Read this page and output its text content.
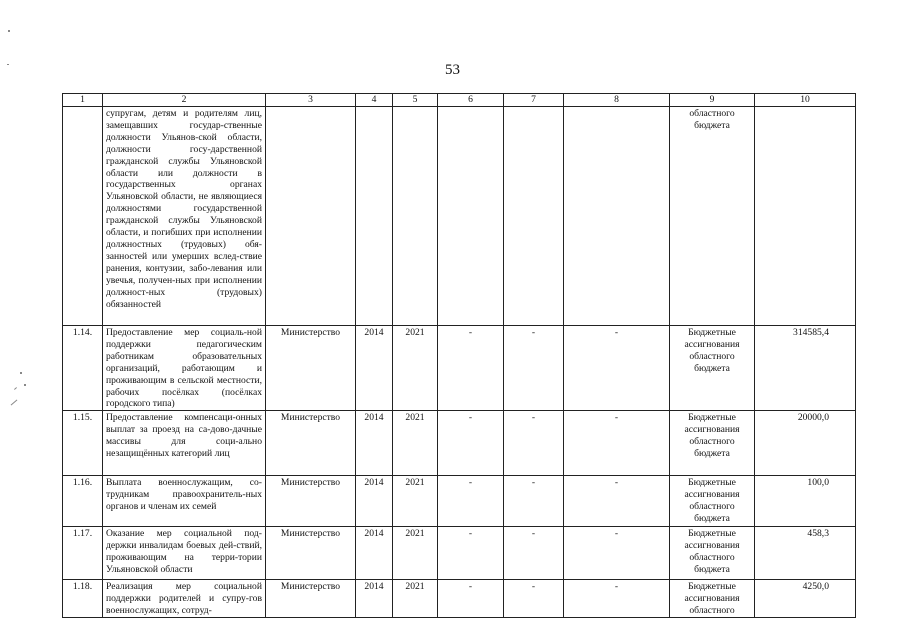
53
1	2	3	4	5	6	7	8	9	10
	супругам, детям и родителям лиц, замещавших государ-ственные должности Ульянов-ской области, должности госу-дарственной гражданской службы Ульяновской области или должности в государственных органах Ульяновской области, не являющиеся должностями государственной гражданской службы Ульяновской области, и погибших при исполнении должностных (трудовых) обя-занностей или умерших вслед-ствие ранения, контузии, забо-левания или увечья, получен-ных при исполнении должност-ных (трудовых) обязанностей							областного бюджета	
1.14.	Предоставление мер социаль-ной поддержки педагогическим работникам образовательных организаций, работающим и проживающим в сельской местности, рабочих посёлках (посёлках городского типа)	Министерство	2014	2021	-	-	-	Бюджетные ассигнования областного бюджета	314585,4
1.15.	Предоставление компенсаци-онных выплат за проезд на са-дово-дачные массивы для соци-ально незащищённых категорий лиц	Министерство	2014	2021	-	-	-	Бюджетные ассигнования областного бюджета	20000,0
1.16.	Выплата военнослужащим, со-трудникам правоохранитель-ных органов и членам их семей	Министерство	2014	2021	-	-	-	Бюджетные ассигнования областного бюджета	100,0
1.17.	Оказание мер социальной под-держки инвалидам боевых дей-ствий, проживающим на терри-тории Ульяновской области	Министерство	2014	2021	-	-	-	Бюджетные ассигнования областного бюджета	458,3
1.18.	Реализация мер социальной поддержки родителей и супру-гов военнослужащих, сотруд-	Министерство	2014	2021	-	-	-	Бюджетные ассигнования областного	4250,0
